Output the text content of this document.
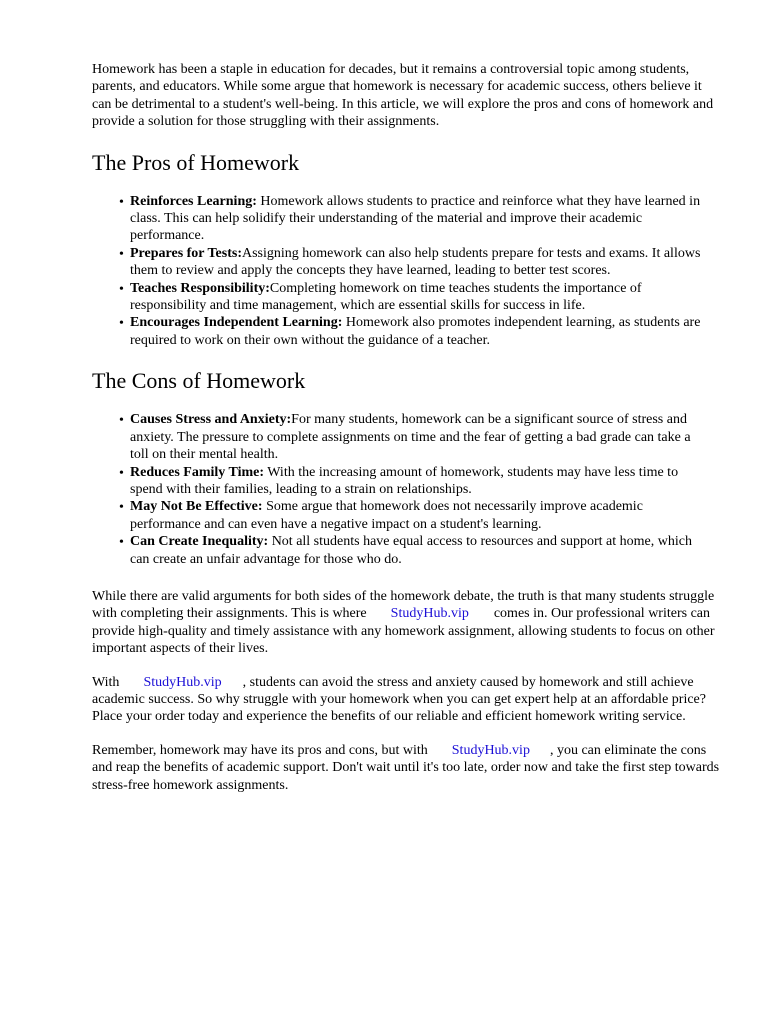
Homework has been a staple in education for decades, but it remains a controversial topic among students, parents, and educators. While some argue that homework is necessary for academic success, others believe it can be detrimental to a student's well-being. In this article, we will explore the pros and cons of homework and provide a solution for those struggling with their assignments.

The Pros of Homework
• Reinforces Learning: Homework allows students to practice and reinforce what they have learned in class. This can help solidify their understanding of the material and improve their academic performance.
• Prepares for Tests:Assigning homework can also help students prepare for tests and exams. It allows them to review and apply the concepts they have learned, leading to better test scores.
• Teaches Responsibility:Completing homework on time teaches students the importance of responsibility and time management, which are essential skills for success in life.
• Encourages Independent Learning: Homework also promotes independent learning, as students are required to work on their own without the guidance of a teacher.
The Cons of Homework
• Causes Stress and Anxiety:For many students, homework can be a significant source of stress and anxiety. The pressure to complete assignments on time and the fear of getting a bad grade can take a toll on their mental health.
• Reduces Family Time: With the increasing amount of homework, students may have less time to spend with their families, leading to a strain on relationships.
• May Not Be Effective: Some argue that homework does not necessarily improve academic performance and can even have a negative impact on a student's learning.
• Can Create Inequality: Not all students have equal access to resources and support at home, which can create an unfair advantage for those who do.

While there are valid arguments for both sides of the homework debate, the truth is that many students struggle with completing their assignments. This is where StudyHub.vip comes in. Our professional writers can provide high-quality and timely assistance with any homework assignment, allowing students to focus on other important aspects of their lives.

With StudyHub.vip , students can avoid the stress and anxiety caused by homework and still achieve academic success. So why struggle with your homework when you can get expert help at an affordable price? Place your order today and experience the benefits of our reliable and efficient homework writing service.

Remember, homework may have its pros and cons, but with StudyHub.vip , you can eliminate the cons and reap the benefits of academic support. Don't wait until it's too late, order now and take the first step towards stress-free homework assignments.
